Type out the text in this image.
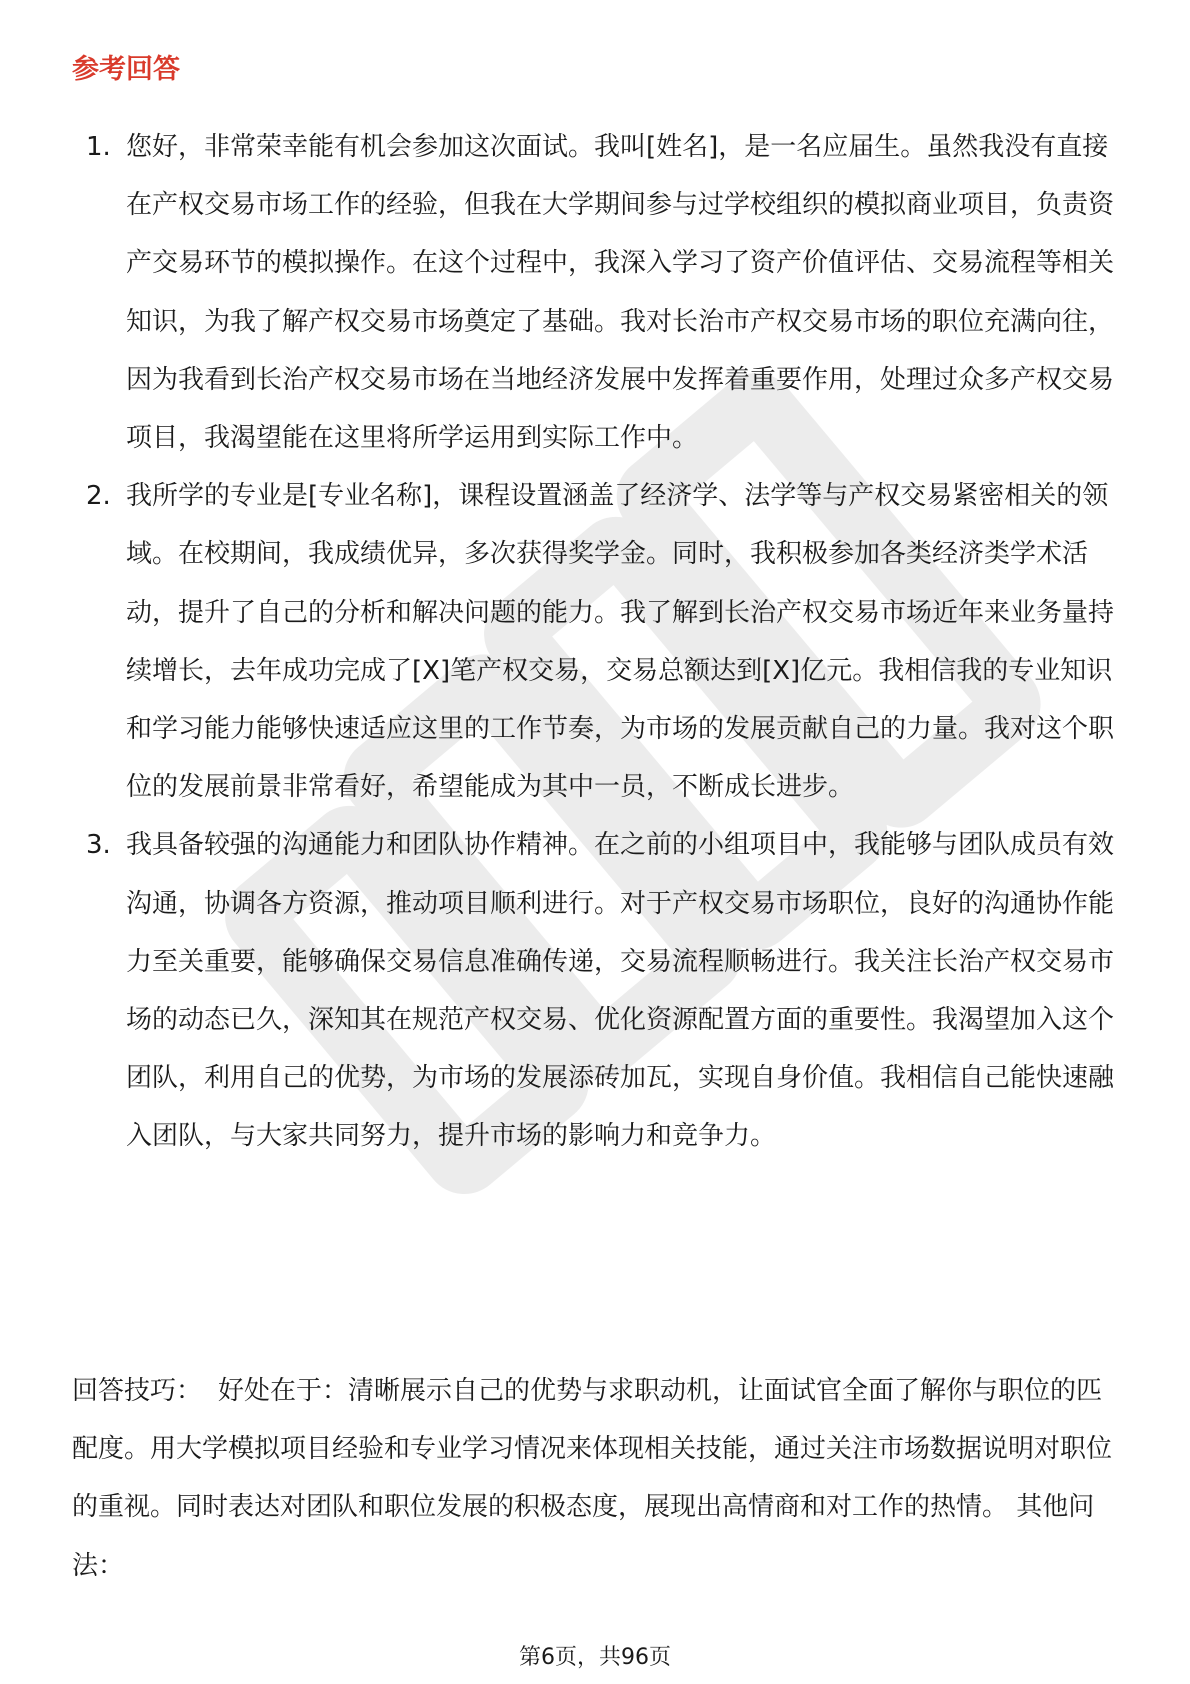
参考回答
1. 您好，非常荣幸能有机会参加这次面试。我叫[姓名]，是一名应届生。虽然我没有直接在产权交易市场工作的经验，但我在大学期间参与过学校组织的模拟商业项目，负责资产交易环节的模拟操作。在这个过程中，我深入学习了资产价值评估、交易流程等相关知识，为我了解产权交易市场奠定了基础。我对长治市产权交易市场的职位充满向往，因为我看到长治产权交易市场在当地经济发展中发挥着重要作用，处理过众多产权交易项目，我渴望能在这里将所学运用到实际工作中。
2. 我所学的专业是[专业名称]，课程设置涵盖了经济学、法学等与产权交易紧密相关的领域。在校期间，我成绩优异，多次获得奖学金。同时，我积极参加各类经济类学术活动，提升了自己的分析和解决问题的能力。我了解到长治产权交易市场近年来业务量持续增长，去年成功完成了[X]笔产权交易，交易总额达到[X]亿元。我相信我的专业知识和学习能力能够快速适应这里的工作节奏，为市场的发展贡献自己的力量。我对这个职位的发展前景非常看好，希望能成为其中一员，不断成长进步。
3. 我具备较强的沟通能力和团队协作精神。在之前的小组项目中，我能够与团队成员有效沟通，协调各方资源，推动项目顺利进行。对于产权交易市场职位，良好的沟通协作能力至关重要，能够确保交易信息准确传递，交易流程顺畅进行。我关注长治产权交易市场的动态已久，深知其在规范产权交易、优化资源配置方面的重要性。我渴望加入这个团队，利用自己的优势，为市场的发展添砖加瓦，实现自身价值。我相信自己能快速融入团队，与大家共同努力，提升市场的影响力和竞争力。

回答技巧： 好处在于：清晰展示自己的优势与求职动机，让面试官全面了解你与职位的匹配度。用大学模拟项目经验和专业学习情况来体现相关技能，通过关注市场数据说明对职位的重视。同时表达对团队和职位发展的积极态度，展现出高情商和对工作的热情。 其他问法：

第6页，共96页
